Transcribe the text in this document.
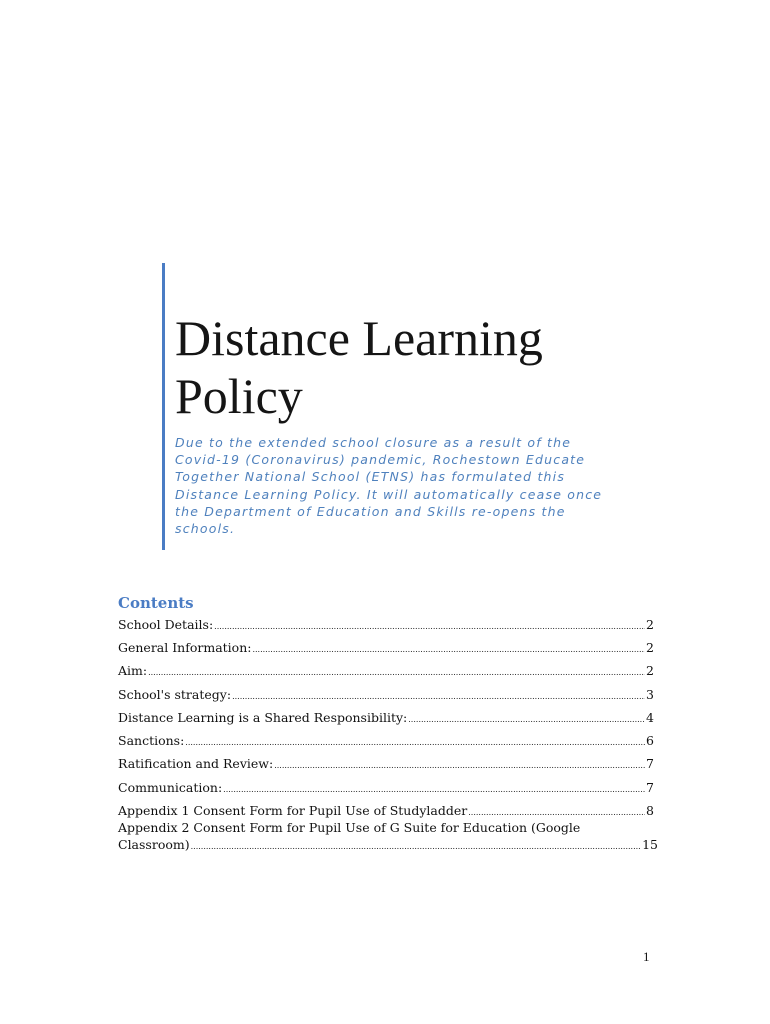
Distance Learning Policy
Due to the extended school closure as a result of the Covid-19 (Coronavirus) pandemic, Rochestown Educate Together National School (ETNS) has formulated this Distance Learning Policy. It will automatically cease once the Department of Education and Skills re-opens the schools.
Contents
School Details: .....	2
General Information: .....	2
Aim: .....	2
School's strategy: .....	3
Distance Learning is a Shared Responsibility: .....	4
Sanctions: .....	6
Ratification and Review: .....	7
Communication: .....	7
Appendix 1 Consent Form for Pupil Use of Studyladder .....	8
Appendix 2 Consent Form for Pupil Use of G Suite for Education (Google
Classroom) .....	15
1
